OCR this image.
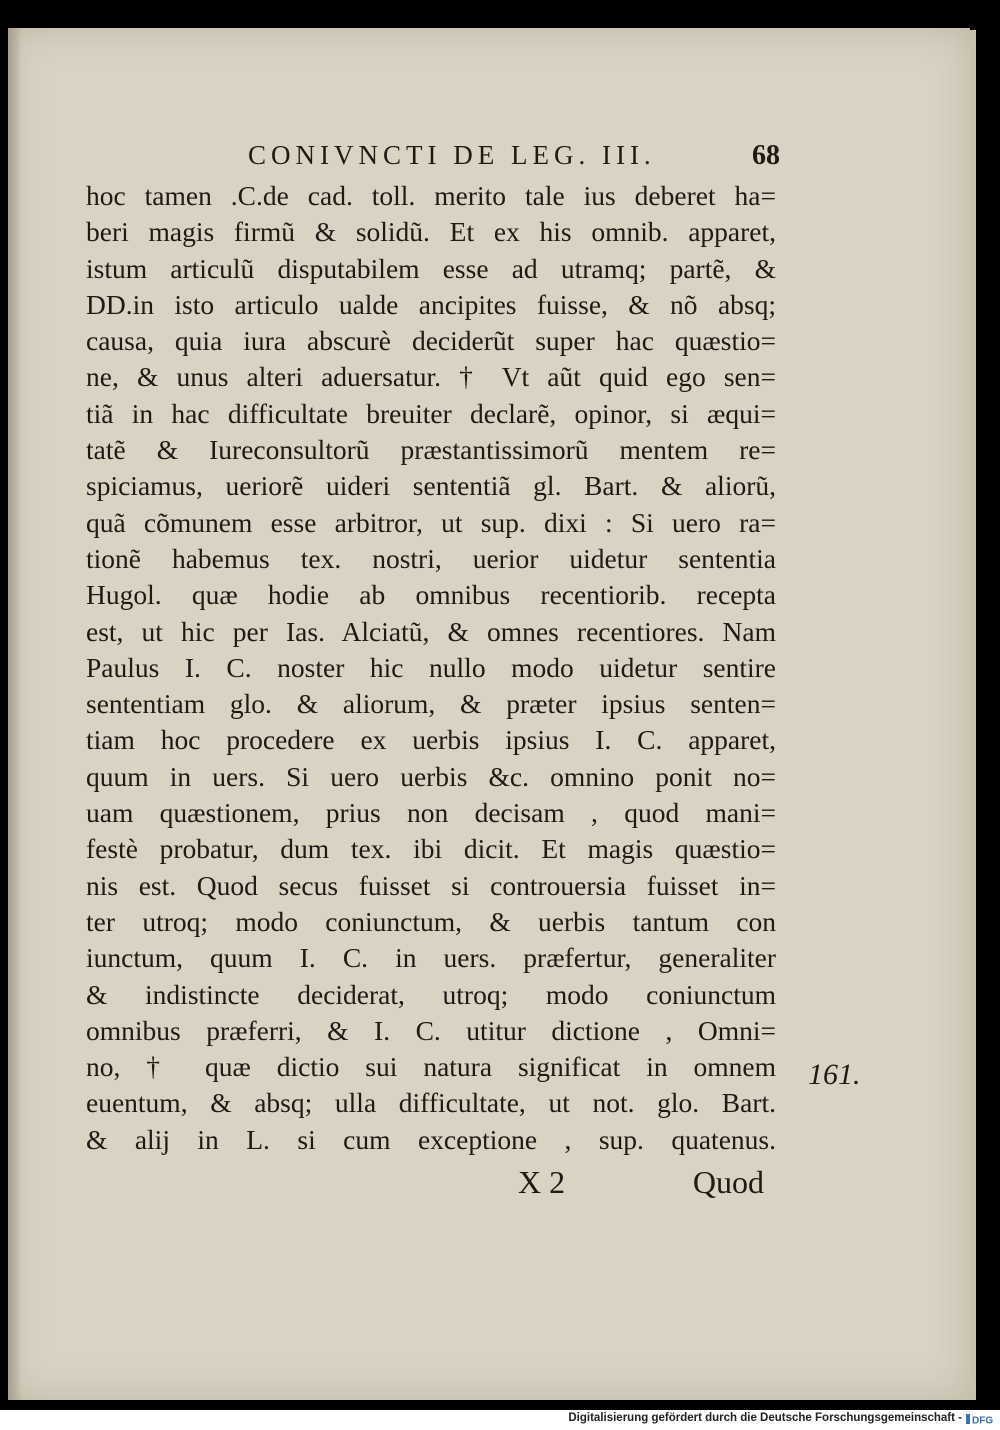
CONIVNCTI DE LEG. III.	68
hoc tamen .C.de cad. toll. merito tale ius deberet ha=
beri magis firmũ & solidũ. Et ex his omnib. apparet,
istum articulũ disputabilem esse ad utramq; partẽ, &
DD.in isto articulo ualde ancipites fuisse, & nõ absq;
causa, quia iura abscurè deciderũt super hac quæstio=
ne, & unus alteri aduersatur. † Vt aũt quid ego sen=
tiã in hac difficultate breuiter declarẽ, opinor, si æqui=
tatẽ & Iureconsultorũ præstantissimorũ mentem re=
spiciamus, ueriorẽ uideri sententiã gl. Bart. & aliorũ,
quã cõmunem esse arbitror, ut sup. dixi : Si uero ra=
tionẽ habemus tex. nostri, uerior uidetur sententia
Hugol. quæ hodie ab omnibus recentiorib. recepta
est, ut hic per Ias. Alciatũ, & omnes recentiores. Nam
Paulus I. C. noster hic nullo modo uidetur sentire
sententiam glo. & aliorum, & præter ipsius senten=
tiam hoc procedere ex uerbis ipsius I. C. apparet,
quum in uers. Si uero uerbis &c. omnino ponit no=
uam quæstionem, prius non decisam , quod mani=
festè probatur, dum tex. ibi dicit. Et magis quæstio=
nis est. Quod secus fuisset si controuersia fuisset in=
ter utroq; modo coniunctum, & uerbis tantum con
iunctum, quum I. C. in uers. præfertur, generaliter
& indistincte deciderat, utroq; modo coniunctum
omnibus præferri, & I. C. utitur dictione , Omni=
no, † quæ dictio sui natura significat in omnem
euentum, & absq; ulla difficultate, ut not. glo. Bart.
& alij in L. si cum exceptione , sup. quatenus.
X 2	Quod
161.
Digitalisierung gefördert durch die Deutsche Forschungsgemeinschaft - DFG
